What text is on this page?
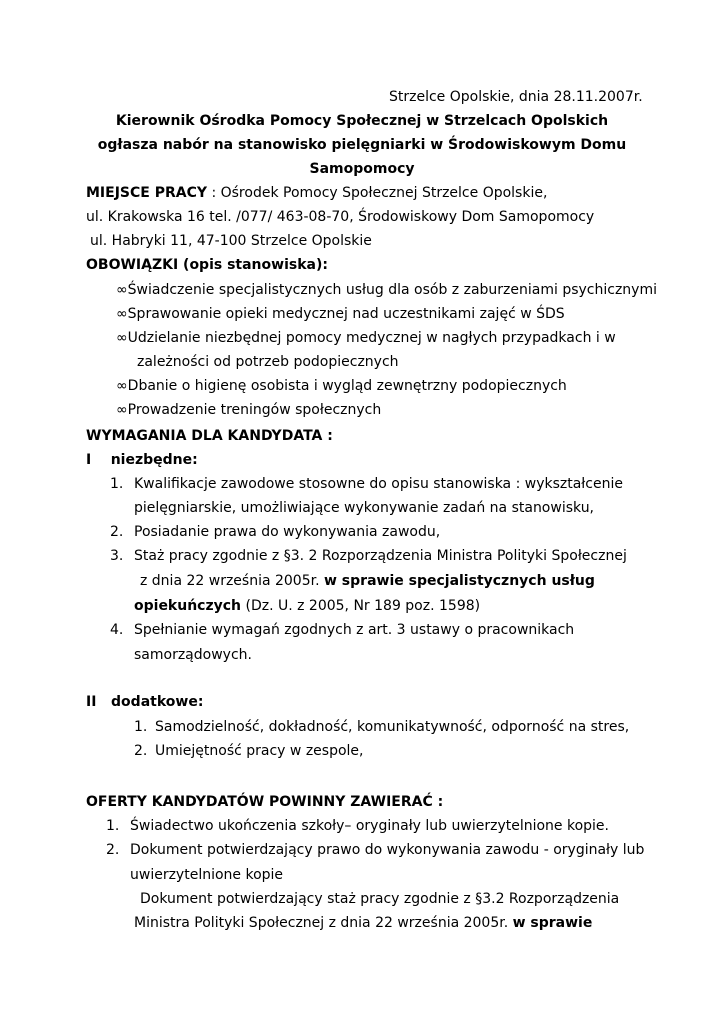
Strzelce Opolskie, dnia 28.11.2007r.
Kierownik Ośrodka Pomocy Społecznej w Strzelcach Opolskich
ogłasza nabór na stanowisko pielęgniarki w Środowiskowym Domu
Samopomocy
MIEJSCE PRACY : Ośrodek Pomocy Społecznej Strzelce Opolskie,
ul. Krakowska 16 tel. /077/ 463-08-70, Środowiskowy Dom Samopomocy
ul. Habryki 11, 47-100 Strzelce Opolskie
OBOWIĄZKI (opis stanowiska):
∞Świadczenie specjalistycznych usług dla osób z zaburzeniami psychicznymi
∞Sprawowanie opieki medycznej nad uczestnikami zajęć w ŚDS
∞Udzielanie niezbędnej pomocy medycznej w nagłych przypadkach i w
zależności od potrzeb podopiecznych
∞Dbanie o higienę osobista i wygląd zewnętrzny podopiecznych
∞Prowadzenie treningów społecznych
WYMAGANIA DLA KANDYDATA :
I    niezbędne:
1. Kwalifikacje zawodowe stosowne do opisu stanowiska : wykształcenie
pielęgniarskie, umożliwiające wykonywanie zadań na stanowisku,
2. Posiadanie prawa do wykonywania zawodu,
3. Staż pracy zgodnie z §3. 2 Rozporządzenia Ministra Polityki Społecznej
z dnia 22 września 2005r. w sprawie specjalistycznych usług
opiekuńczych (Dz. U. z 2005, Nr 189 poz. 1598)
4. Spełnianie wymagań zgodnych z art. 3 ustawy o pracownikach
samorządowych.
II   dodatkowe:
1. Samodzielność, dokładność, komunikatywność, odporność na stres,
2. Umiejętność pracy w zespole,
OFERTY KANDYDATÓW POWINNY ZAWIERAĆ :
1. Świadectwo ukończenia szkoły– oryginały lub uwierzytelnione kopie.
2. Dokument potwierdzający prawo do wykonywania zawodu - oryginały lub
uwierzytelnione kopie
Dokument potwierdzający staż pracy zgodnie z §3.2 Rozporządzenia
Ministra Polityki Społecznej z dnia 22 września 2005r. w sprawie
